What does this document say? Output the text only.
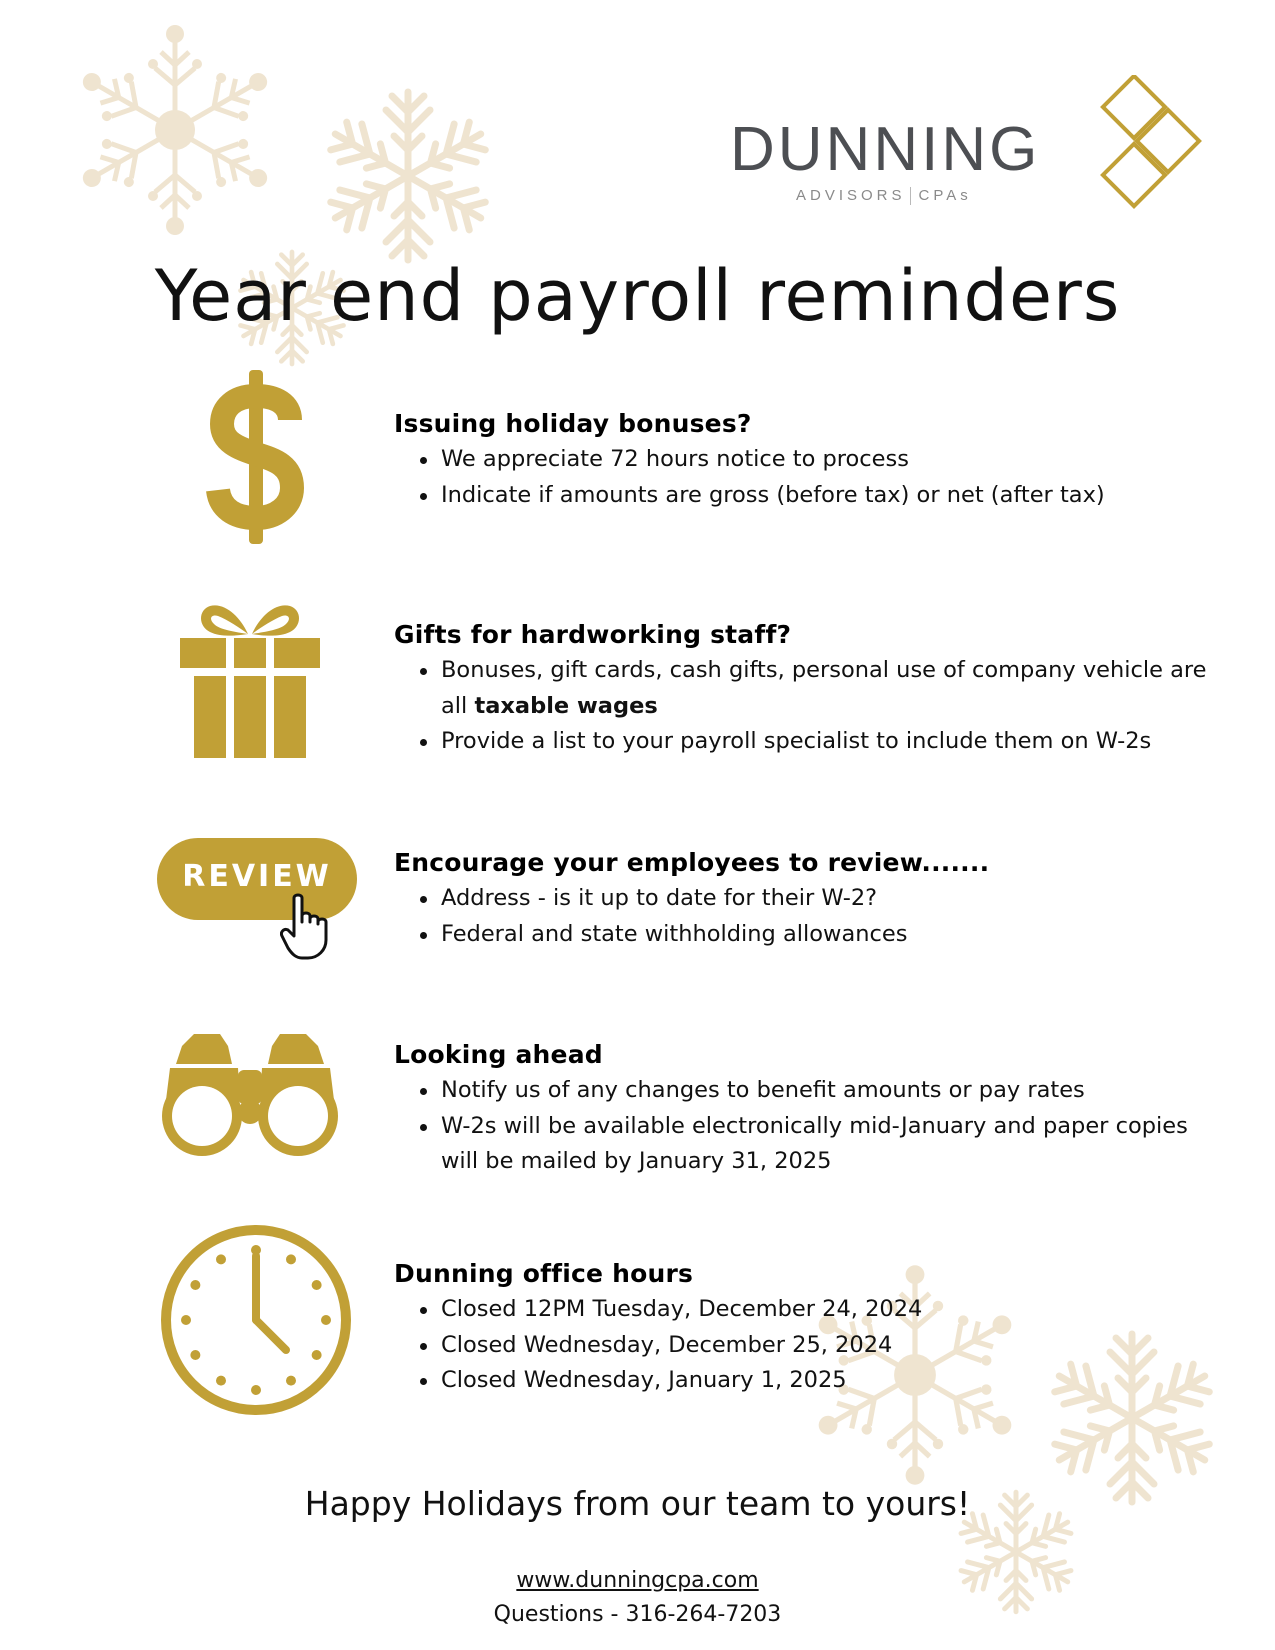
DUNNING
ADVISORS CPAs
Year end payroll reminders
Issuing holiday bonuses?
We appreciate 72 hours notice to process
Indicate if amounts are gross (before tax) or net (after tax)
Gifts for hardworking staff?
Bonuses, gift cards, cash gifts, personal use of company vehicle are all taxable wages
Provide a list to your payroll specialist to include them on W-2s
REVIEW	Encourage your employees to review.......
Address - is it up to date for their W-2?
Federal and state withholding allowances
Looking ahead
Notify us of any changes to benefit amounts or pay rates
W-2s will be available electronically mid-January and paper copies will be mailed by January 31, 2025
Dunning office hours
Closed 12PM Tuesday, December 24, 2024
Closed Wednesday, December 25, 2024
Closed Wednesday, January 1, 2025
Happy Holidays from our team to yours!
www.dunningcpa.com
Questions - 316-264-7203
